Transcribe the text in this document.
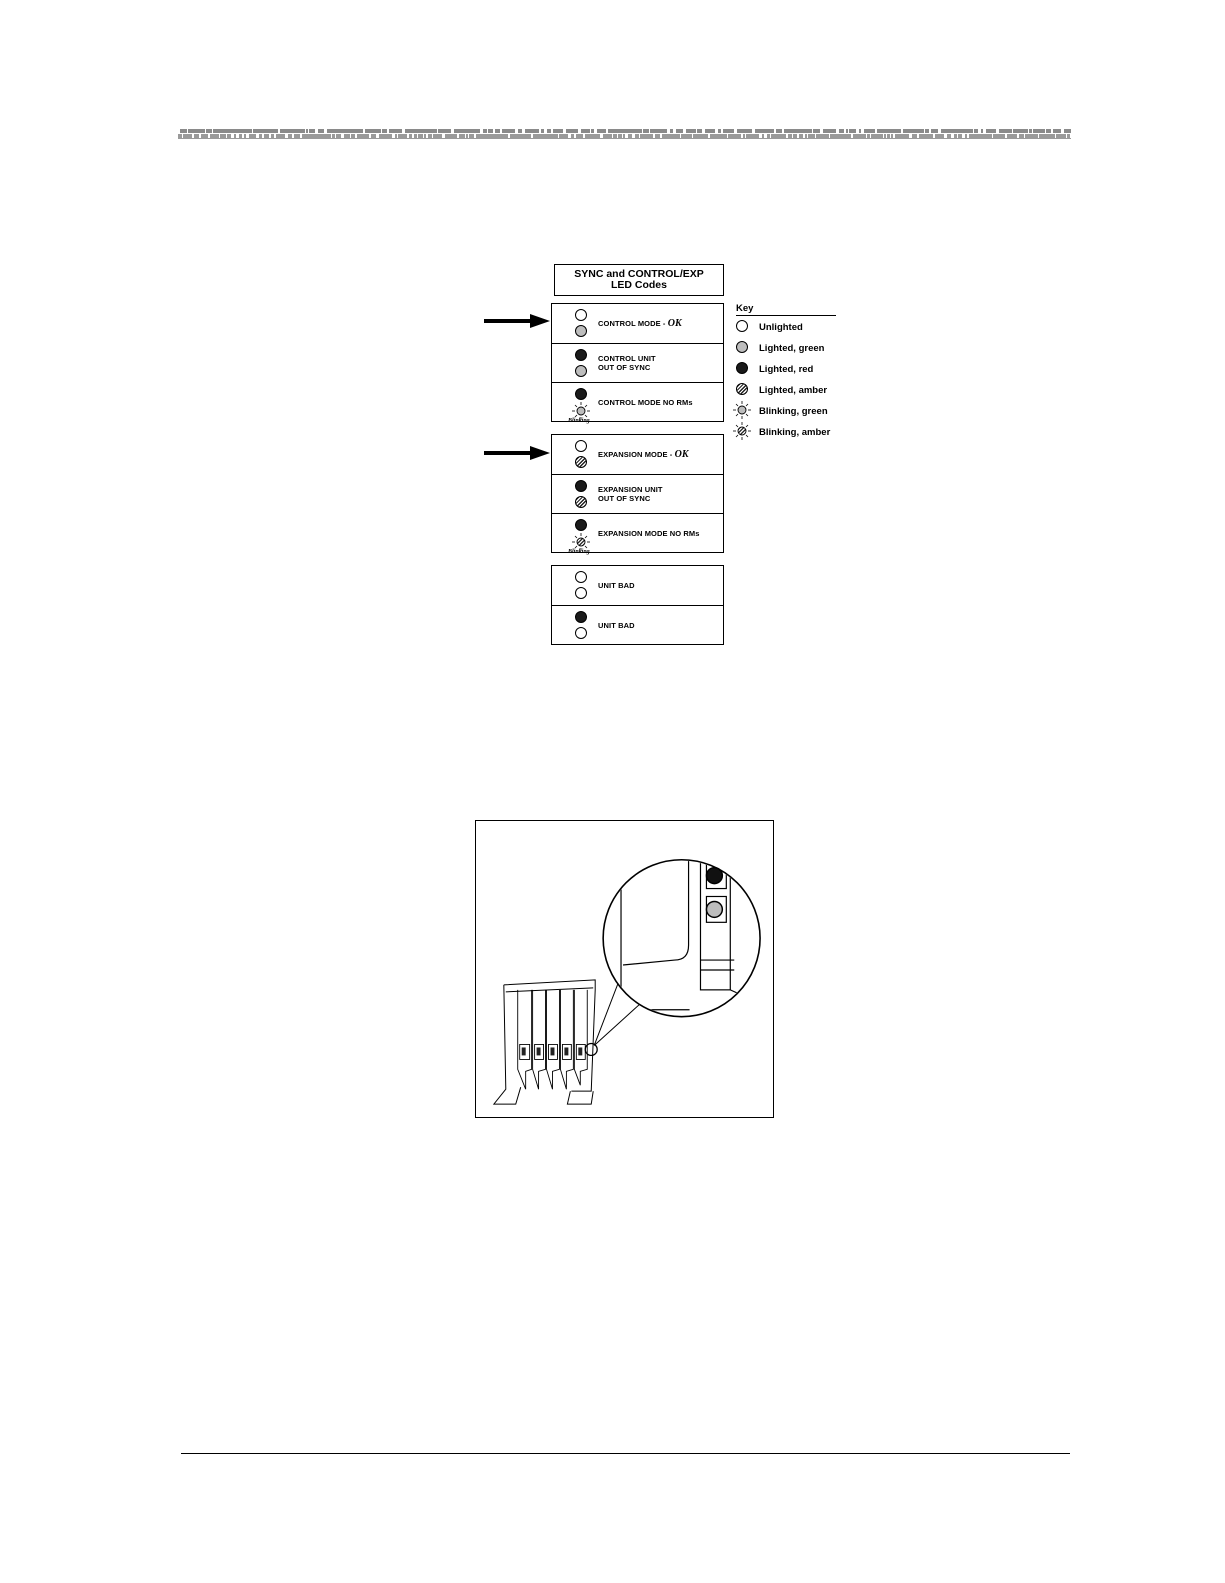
SYNC and CONTROL/EXP
LED Codes
CONTROL MODE - OK
CONTROL UNIT
OUT OF SYNC
Blinking
CONTROL MODE NO RMs
EXPANSION MODE - OK
EXPANSION UNIT
OUT OF SYNC
Blinking
EXPANSION MODE NO RMs
UNIT BAD
UNIT BAD
Key
Unlighted
Lighted, green
Lighted, red
Lighted, amber
Blinking, green
Blinking, amber
